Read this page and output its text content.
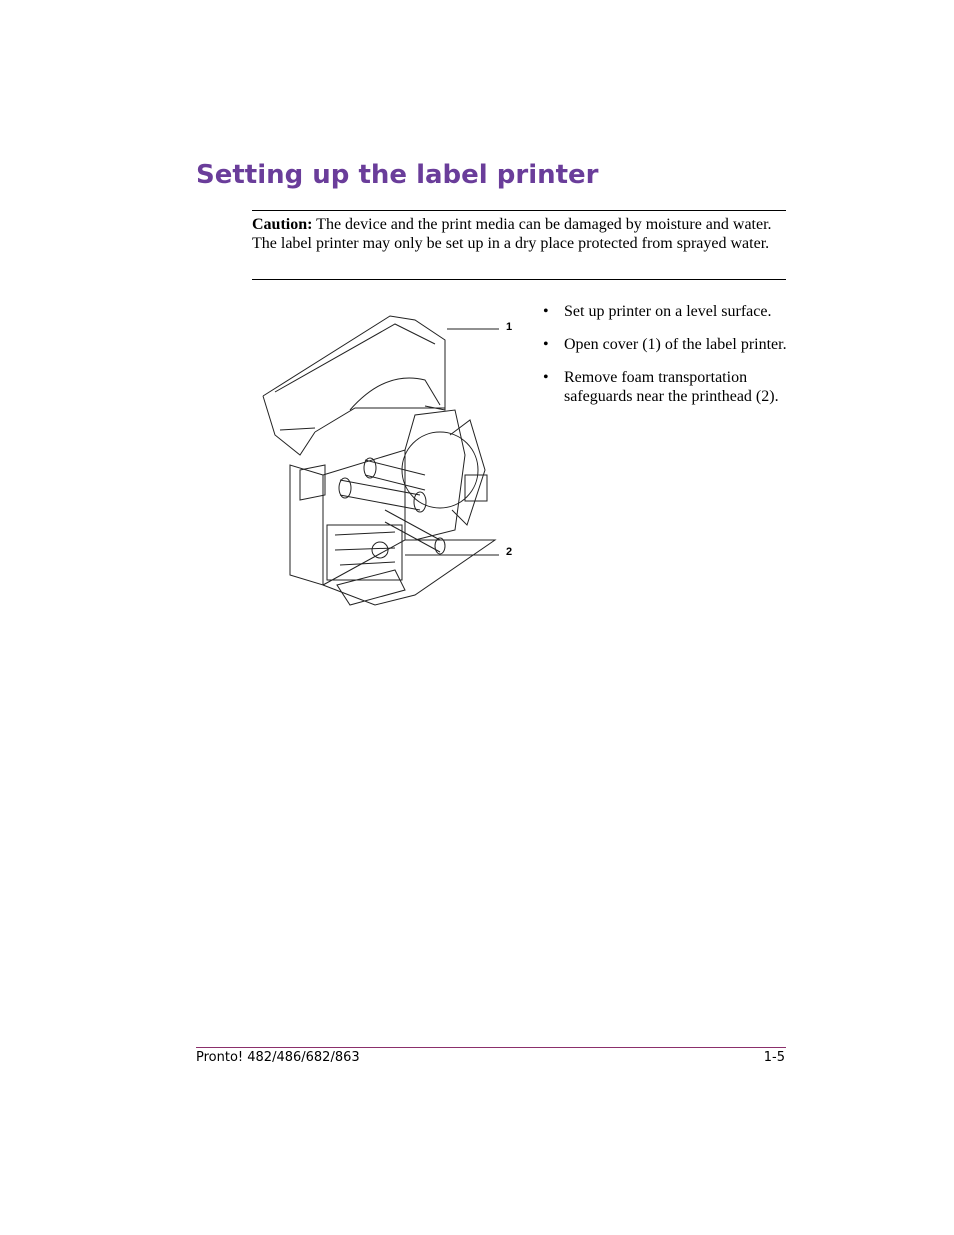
Setting up the label printer

Caution: The device and the print media can be damaged by moisture and water. The label printer may only be set up in a dry place protected from sprayed water.

1
2
• Set up printer on a level surface.
• Open cover (1) of the label printer.
• Remove foam transportation safeguards near the printhead (2).
Pronto! 482/486/682/863	1-5
